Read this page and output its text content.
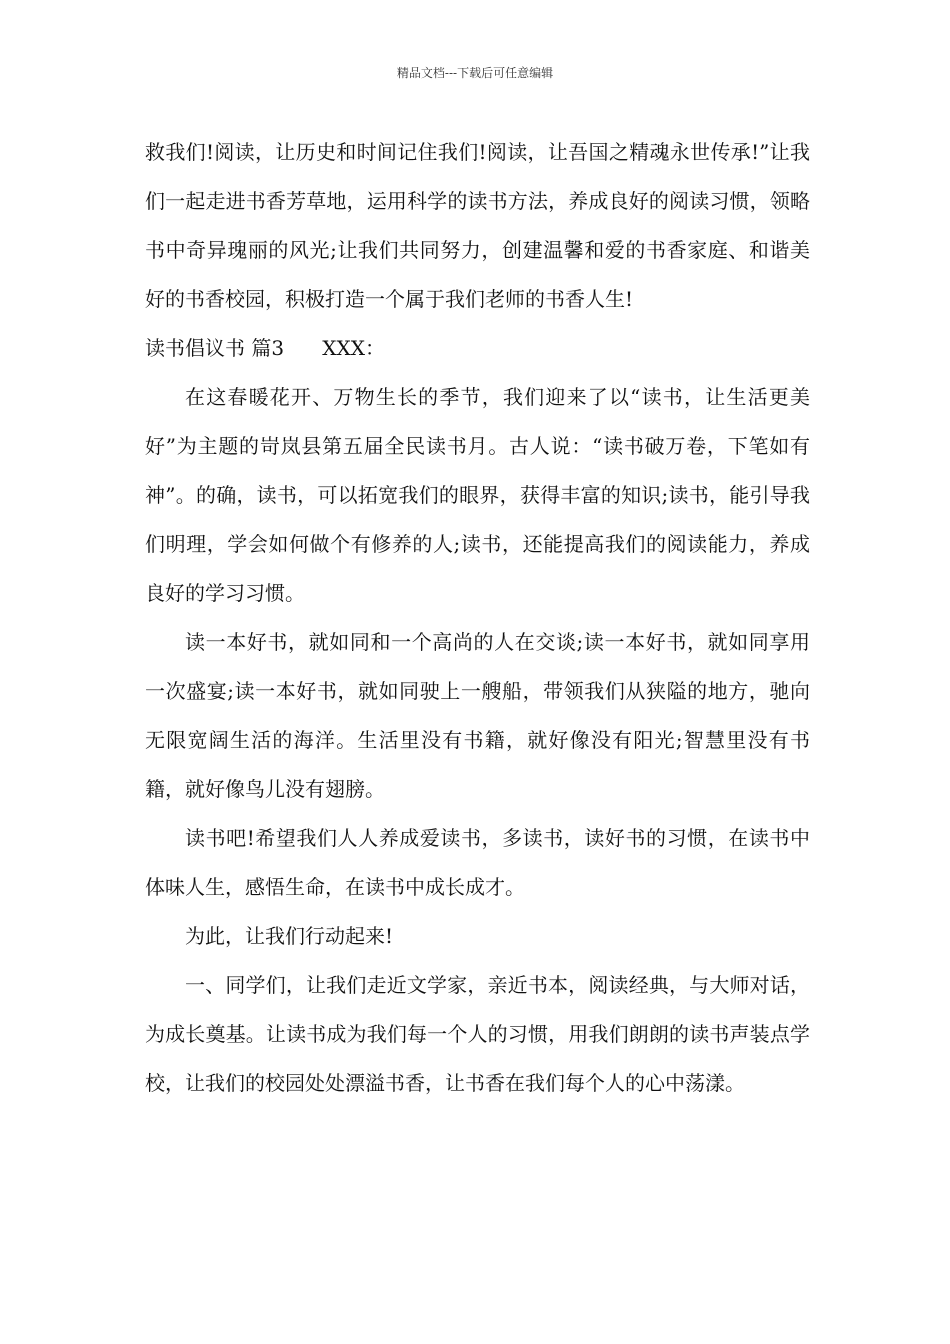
精品文档---下载后可任意编辑

救我们!阅读，让历史和时间记住我们!阅读，让吾国之精魂永世传承!”让我们一起走进书香芳草地，运用科学的读书方法，养成良好的阅读习惯，领略书中奇异瑰丽的风光;让我们共同努力，创建温馨和爱的书香家庭、和谐美好的书香校园，积极打造一个属于我们老师的书香人生!

读书倡议书 篇3      XXX：

在这春暖花开、万物生长的季节，我们迎来了以“读书，让生活更美好”为主题的岢岚县第五届全民读书月。古人说：“读书破万卷，下笔如有神”。的确，读书，可以拓宽我们的眼界，获得丰富的知识;读书，能引导我们明理，学会如何做个有修养的人;读书，还能提高我们的阅读能力，养成良好的学习习惯。

读一本好书，就如同和一个高尚的人在交谈;读一本好书，就如同享用一次盛宴;读一本好书，就如同驶上一艘船，带领我们从狭隘的地方，驰向无限宽阔生活的海洋。生活里没有书籍，就好像没有阳光;智慧里没有书籍，就好像鸟儿没有翅膀。

读书吧!希望我们人人养成爱读书，多读书，读好书的习惯，在读书中体味人生，感悟生命，在读书中成长成才。

为此，让我们行动起来!

一、同学们，让我们走近文学家，亲近书本，阅读经典，与大师对话，为成长奠基。让读书成为我们每一个人的习惯，用我们朗朗的读书声装点学校，让我们的校园处处漂溢书香，让书香在我们每个人的心中荡漾。
